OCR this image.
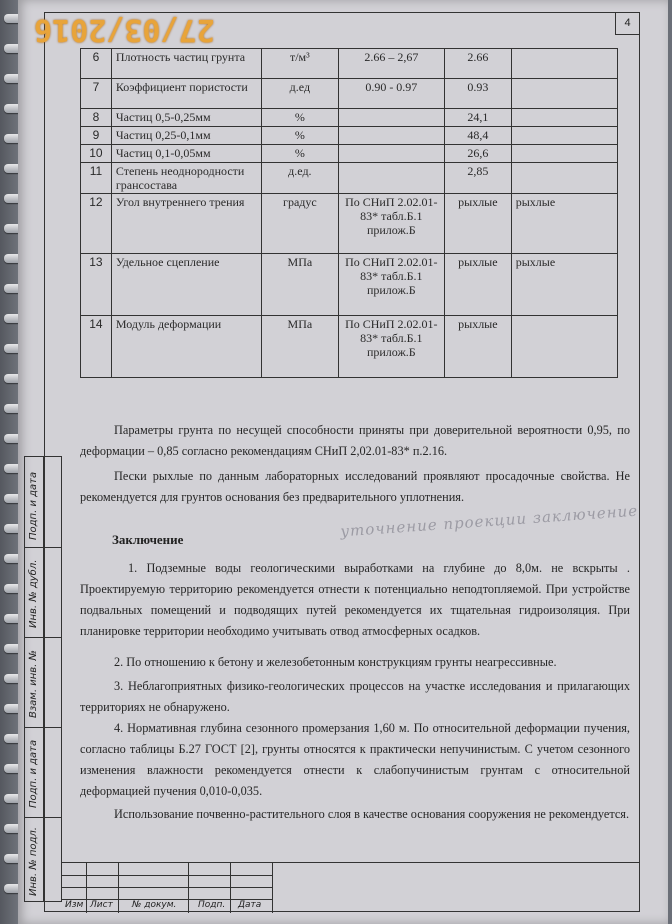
27/03/2016	4
6	Плотность частиц грунта	т/м³	2.66 – 2,67	2.66	
7	Коэффициент пористости	д.ед	0.90 - 0.97	0.93	
8	Частиц 0,5-0,25мм	%		24,1	
9	Частиц 0,25-0,1мм	%		48,4	
10	Частиц 0,1-0,05мм	%		26,6	
11	Степень неоднородности грансостава	д.ед.		2,85	
12	Угол внутреннего трения	градус	По СНиП 2.02.01-83* табл.Б.1 прилож.Б	рыхлые	рыхлые
13	Удельное сцепление	МПа	По СНиП 2.02.01-83* табл.Б.1 прилож.Б	рыхлые	рыхлые
14	Модуль деформации	МПа	По СНиП 2.02.01-83* табл.Б.1 прилож.Б	рыхлые	
Параметры грунта по несущей способности приняты при доверительной вероятности 0,95, по деформации – 0,85 согласно рекомендациям СНиП 2,02.01-83* п.2.16.
Пески рыхлые по данным лабораторных исследований проявляют просадочные свойства. Не рекомендуется для грунтов основания без предварительного уплотнения.
уточнение проекции заключение
Заключение
1. Подземные воды геологическими выработками на глубине до 8,0м. не вскрыты . Проектируемую территорию рекомендуется отнести к потенциально неподтопляемой. При устройстве подвальных помещений и подводящих путей рекомендуется их тщательная гидроизоляция. При планировке территории необходимо учитывать отвод атмосферных осадков.
2. По отношению к бетону и железобетонным конструкциям грунты неагрессивные.
3. Неблагоприятных физико-геологических процессов на участке исследования и прилагающих территориях не обнаружено.
4. Нормативная глубина сезонного промерзания 1,60 м. По относительной деформации пучения, согласно таблицы Б.27 ГОСТ [2], грунты относятся к практически непучинистым. С учетом сезонного изменения влажности рекомендуется отнести к слабопучинистым грунтам с относительной деформацией пучения 0,010-0,035.
Использование почвенно-растительного слоя в качестве основания сооружения не рекомендуется.
Подп. и дата
Инв. № дубл.
Взам. инв. №
Подп. и дата
Инв. № подл.
Изм Лист № докум. Подп. Дата
